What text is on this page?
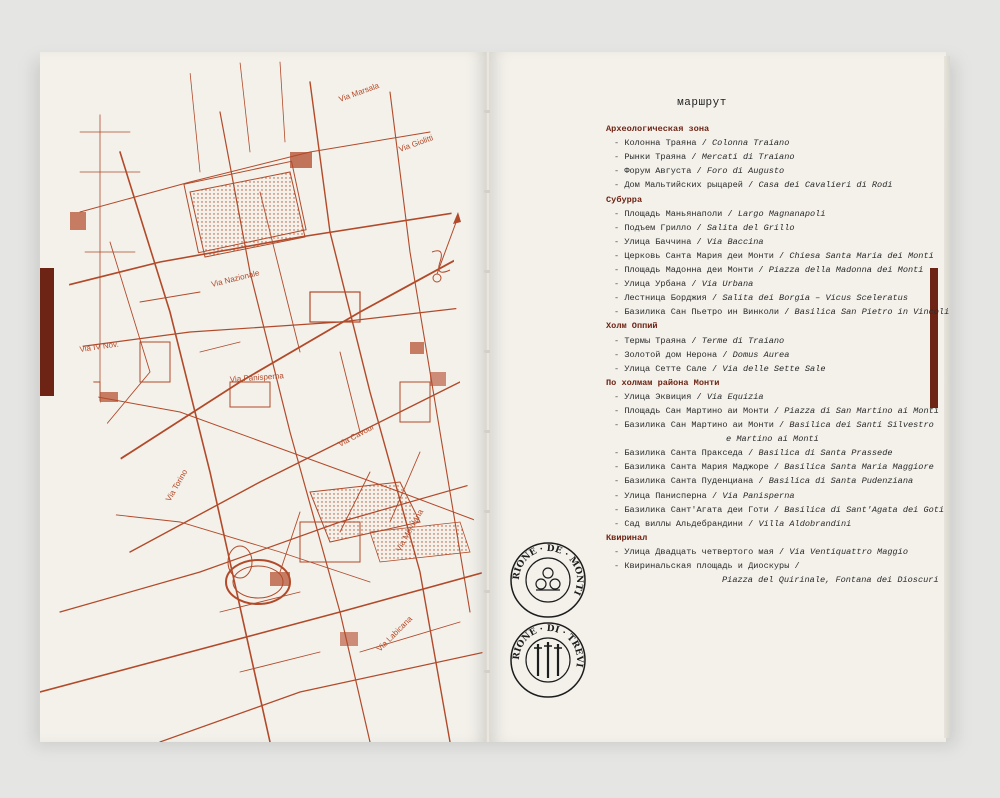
Via Nazionale
Via Panisperna
Via Cavour
Via IV Nov.
Via Merulana
Via Labicana
Via Marsala
Via Giolitti
Via Torino
маршрут
Археологическая зона
- Колонна Траяна / Colonna Traiano
- Рынки Траяна / Mercati di Traiano
- Форум Августа / Foro di Augusto
- Дом Мальтийских рыцарей / Casa dei Cavalieri di Rodi
Субурра
- Площадь Маньянаполи / Largo Magnanapoli
- Подъем Грилло / Salita del Grillo
- Улица Баччина / Via Baccina
- Церковь Санта Мария деи Монти / Chiesa Santa Maria dei Monti
- Площадь Мадонна деи Монти / Piazza della Madonna dei Monti
- Улица Урбана / Via Urbana
- Лестница Борджия / Salita dei Borgia – Vicus Sceleratus
- Базилика Сан Пьетро ин Винколи / Basilica San Pietro in Vincoli
Холм Оппий
- Термы Траяна / Terme di Traiano
- Золотой дом Нерона / Domus Aurea
- Улица Сетте Сале / Via delle Sette Sale
По холмам района Монти
- Улица Эквиция / Via Equizia
- Площадь Сан Мартино аи Монти / Piazza di San Martino ai Monti
- Базилика Сан Мартино аи Монти / Basilica dei Santi Silvestro
e Martino ai Monti
- Базилика Санта Праксeда / Basilica di Santa Prassede
- Базилика Санта Мария Маджоре / Basilica Santa Maria Maggiore
- Базилика Санта Пуденциана / Basilica di Santa Pudenziana
- Улица Панисперна / Via Panisperna
- Базилика Сант'Агата деи Готи / Basilica di Sant'Agata dei Goti
- Сад виллы Альдебрандини / Villa Aldobrandini
Квиринал
- Улица Двадцать четвертого мая / Via Ventiquattro Maggio
- Квиринальская площадь и Диоскуры /
Piazza del Quirinale, Fontana dei Dioscuri
RIONE · DE · MONTI
RIONE · DI · TREVI
